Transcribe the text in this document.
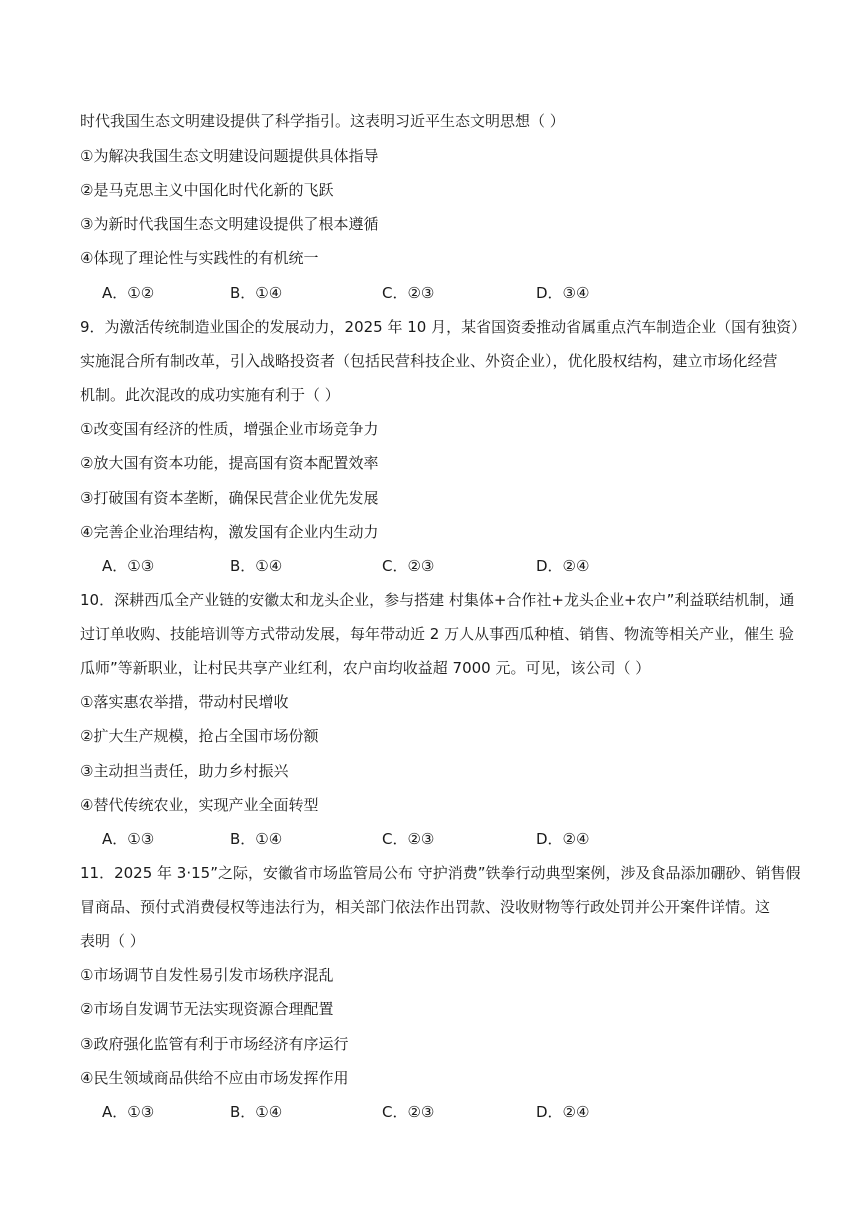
时代我国生态文明建设提供了科学指引。这表明习近平生态文明思想（ ）
①为解决我国生态文明建设问题提供具体指导
②是马克思主义中国化时代化新的飞跃
③为新时代我国生态文明建设提供了根本遵循
④体现了理论性与实践性的有机统一
A．①②	B．①④	C．②③	D．③④
9．为激活传统制造业国企的发展动力，2025 年 10 月，某省国资委推动省属重点汽车制造企业（国有独资）
实施混合所有制改革，引入战略投资者（包括民营科技企业、外资企业），优化股权结构，建立市场化经营
机制。此次混改的成功实施有利于（ ）
①改变国有经济的性质，增强企业市场竞争力
②放大国有资本功能，提高国有资本配置效率
③打破国有资本垄断，确保民营企业优先发展
④完善企业治理结构，激发国有企业内生动力
A．①③	B．①④	C．②③	D．②④
10．深耕西瓜全产业链的安徽太和龙头企业，参与搭建 村集体+合作社+龙头企业+农户”利益联结机制，通
过订单收购、技能培训等方式带动发展，每年带动近 2 万人从事西瓜种植、销售、物流等相关产业，催生 验
瓜师”等新职业，让村民共享产业红利，农户亩均收益超 7000 元。可见，该公司（ ）
①落实惠农举措，带动村民增收
②扩大生产规模，抢占全国市场份额
③主动担当责任，助力乡村振兴
④替代传统农业，实现产业全面转型
A．①③	B．①④	C．②③	D．②④
11．2025 年 3·15”之际，安徽省市场监管局公布 守护消费”铁拳行动典型案例，涉及食品添加硼砂、销售假
冒商品、预付式消费侵权等违法行为，相关部门依法作出罚款、没收财物等行政处罚并公开案件详情。这
表明（ ）
①市场调节自发性易引发市场秩序混乱
②市场自发调节无法实现资源合理配置
③政府强化监管有利于市场经济有序运行
④民生领域商品供给不应由市场发挥作用
A．①③	B．①④	C．②③	D．②④
